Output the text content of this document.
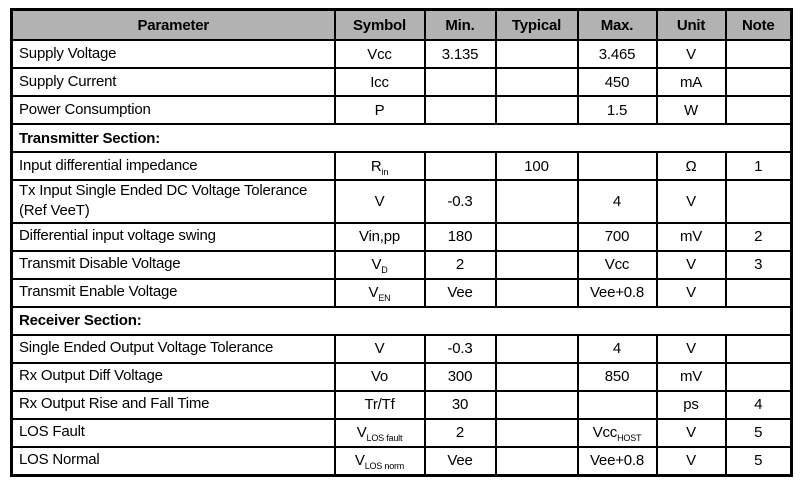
Parameter	Symbol	Min.	Typical	Max.	Unit	Note
Supply Voltage	Vcc	3.135		3.465	V	
Supply Current	Icc			450	mA	
Power Consumption	P			1.5	W	
Transmitter Section:						
Input differential impedance	$R_{in}$		100		Ω	1
Tx Input Single Ended DC Voltage Tolerance (Ref VeeT)	V	-0.3		4	V	
Differential input voltage swing	Vin,pp	180		700	mV	2
Transmit Disable Voltage	$V_D$	2		Vcc	V	3
Transmit Enable Voltage	$V_{EN}$	Vee		Vee+0.8	V	
Receiver Section:						
Single Ended Output Voltage Tolerance	V	-0.3		4	V	
Rx Output Diff Voltage	Vo	300		850	mV	
Rx Output Rise and Fall Time	Tr/Tf	30			ps	4
LOS Fault	$V_{LOS fault}$	2		Vcc$_{HOST}$	V	5
LOS Normal	$V_{LOS norm}$	Vee		Vee+0.8	V	5
